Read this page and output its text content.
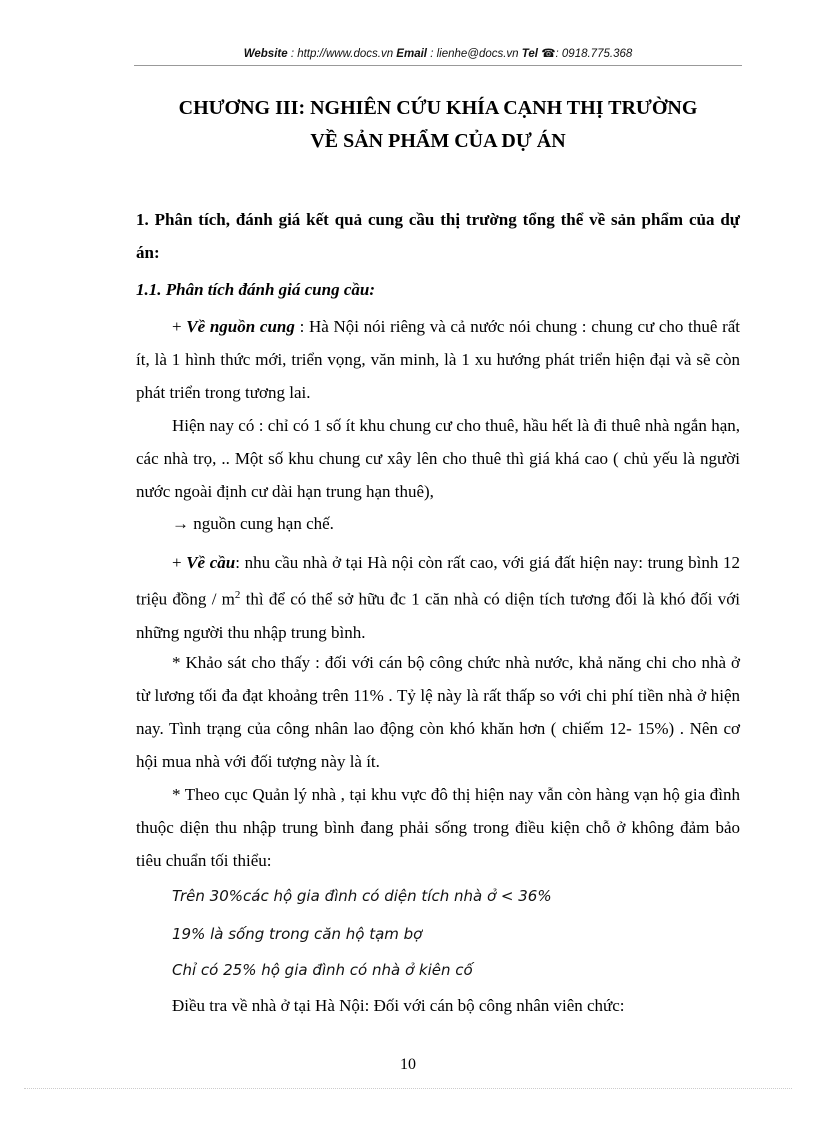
Website : http://www.docs.vn Email : lienhe@docs.vn Tel ☎: 0918.775.368
CHƯƠNG III: NGHIÊN CỨU KHÍA CẠNH THỊ TRƯỜNG
VỀ SẢN PHẨM CỦA DỰ ÁN
1. Phân tích, đánh giá kết quả cung cầu thị trường tổng thể về sản phẩm của dự án:
1.1. Phân tích đánh giá cung cầu:
+ Về nguồn cung : Hà Nội nói riêng và cả nước nói chung : chung cư cho thuê rất ít, là 1 hình thức mới, triển vọng, văn minh, là 1 xu hướng phát triển hiện đại và sẽ còn phát triển trong tương lai.
Hiện nay có : chỉ có 1 số ít khu chung cư cho thuê, hầu hết là đi thuê nhà ngắn hạn, các nhà trọ, .. Một số khu chung cư xây lên cho thuê thì giá khá cao ( chủ yếu là người nước ngoài định cư dài hạn trung hạn thuê),
→ nguồn cung hạn chế.
+ Về cầu: nhu cầu nhà ở tại Hà nội còn rất cao, với giá đất hiện nay: trung bình 12 triệu đồng / $m^2$ thì để có thể sở hữu đc 1 căn nhà có diện tích tương đối là khó đối với những người thu nhập trung bình.
* Khảo sát cho thấy : đối với cán bộ công chức nhà nước, khả năng chi cho nhà ở từ lương tối đa đạt khoảng trên 11% . Tỷ lệ này là rất thấp so với chi phí tiền nhà ở hiện nay. Tình trạng của công nhân lao động còn khó khăn hơn ( chiếm 12- 15%) . Nên cơ hội mua nhà với đối tượng này là ít.
* Theo cục Quản lý nhà , tại khu vực đô thị hiện nay vẫn còn hàng vạn hộ gia đình thuộc diện thu nhập trung bình đang phải sống trong điều kiện chỗ ở không đảm bảo tiêu chuẩn tối thiểu:
Trên 30%các hộ gia đình có diện tích nhà ở < 36%
19% là sống trong căn hộ tạm bợ
Chỉ có 25% hộ gia đình có nhà ở kiên cố
Điều tra về nhà ở tại Hà Nội: Đối với cán bộ công nhân viên chức:
10
